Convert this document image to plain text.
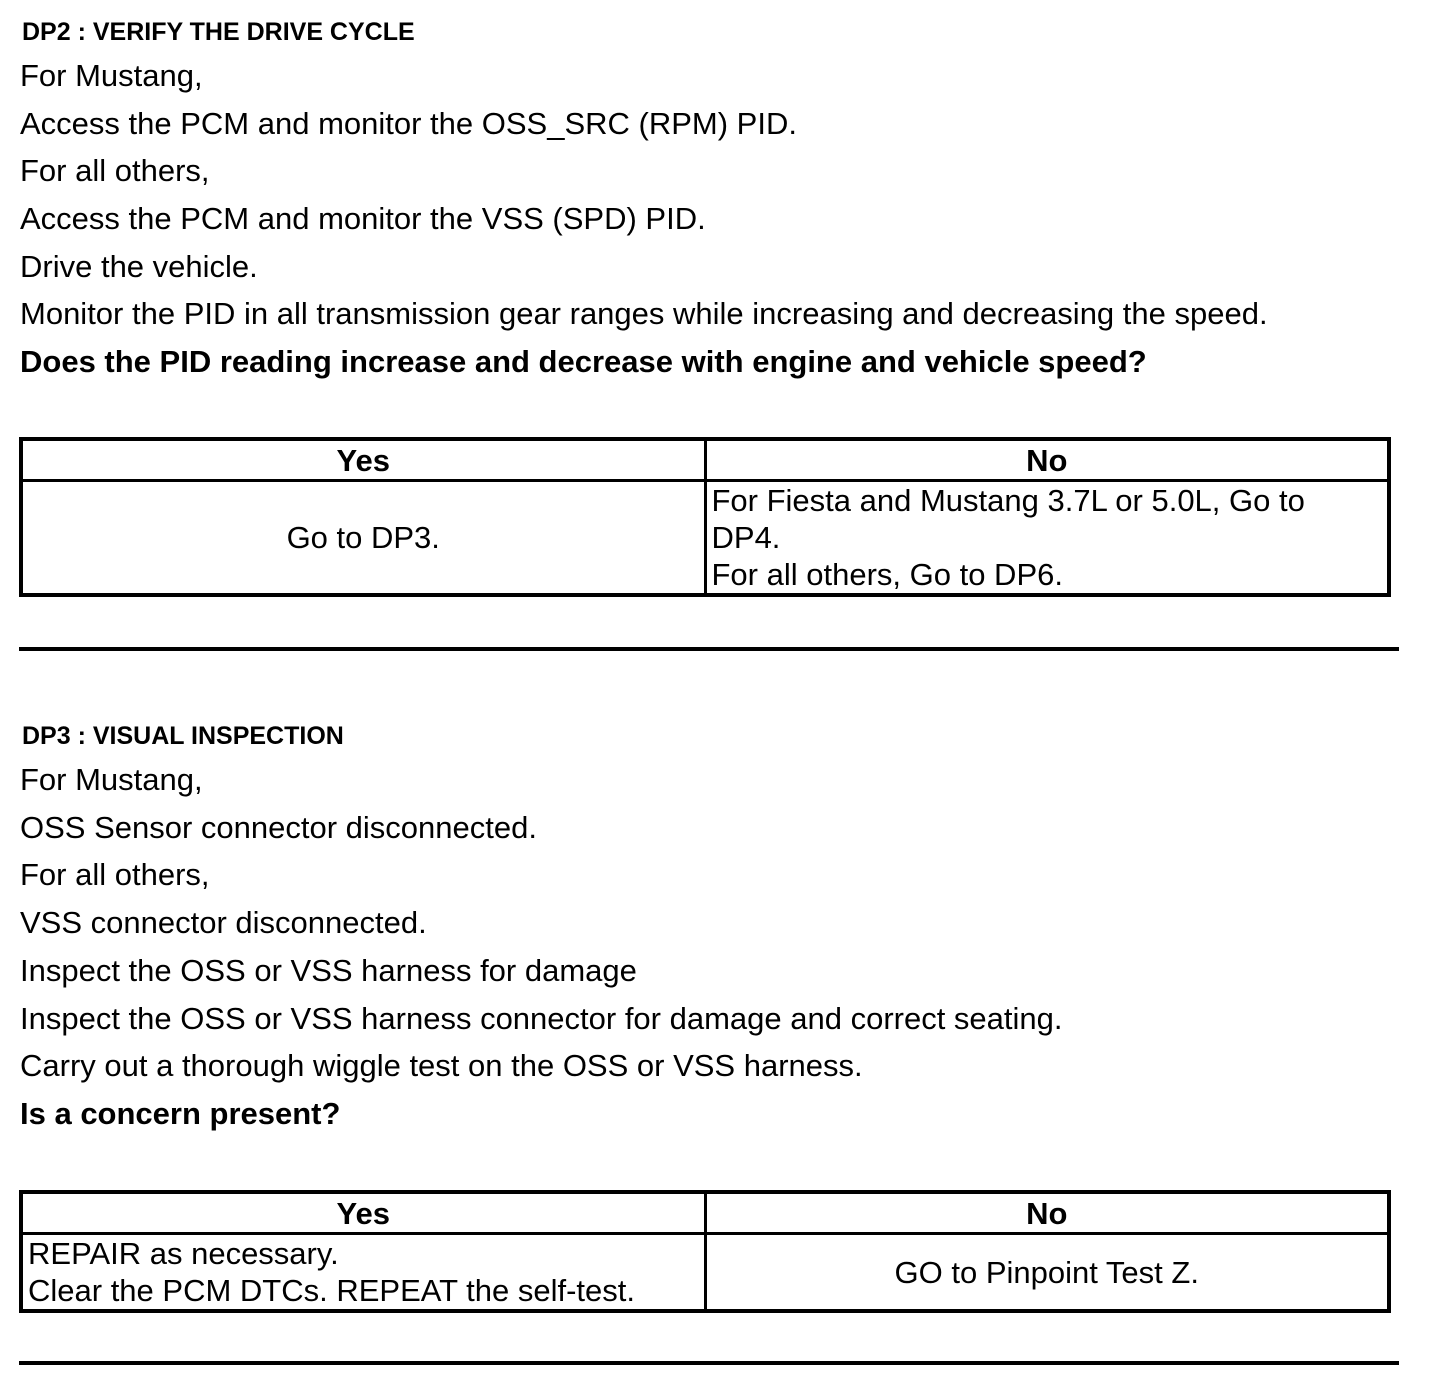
DP2 : VERIFY THE DRIVE CYCLE
For Mustang,
Access the PCM and monitor the OSS_SRC (RPM) PID.
For all others,
Access the PCM and monitor the VSS (SPD) PID.
Drive the vehicle.
Monitor the PID in all transmission gear ranges while increasing and decreasing the speed.
Does the PID reading increase and decrease with engine and vehicle speed?
Yes	No
Go to DP3.	For Fiesta and Mustang 3.7L or 5.0L, Go to
DP4.
For all others, Go to DP6.
DP3 : VISUAL INSPECTION
For Mustang,
OSS Sensor connector disconnected.
For all others,
VSS connector disconnected.
Inspect the OSS or VSS harness for damage
Inspect the OSS or VSS harness connector for damage and correct seating.
Carry out a thorough wiggle test on the OSS or VSS harness.
Is a concern present?
Yes	No

REPAIR as necessary.
Clear the PCM DTCs. REPEAT the self-test.	GO to Pinpoint Test Z.
